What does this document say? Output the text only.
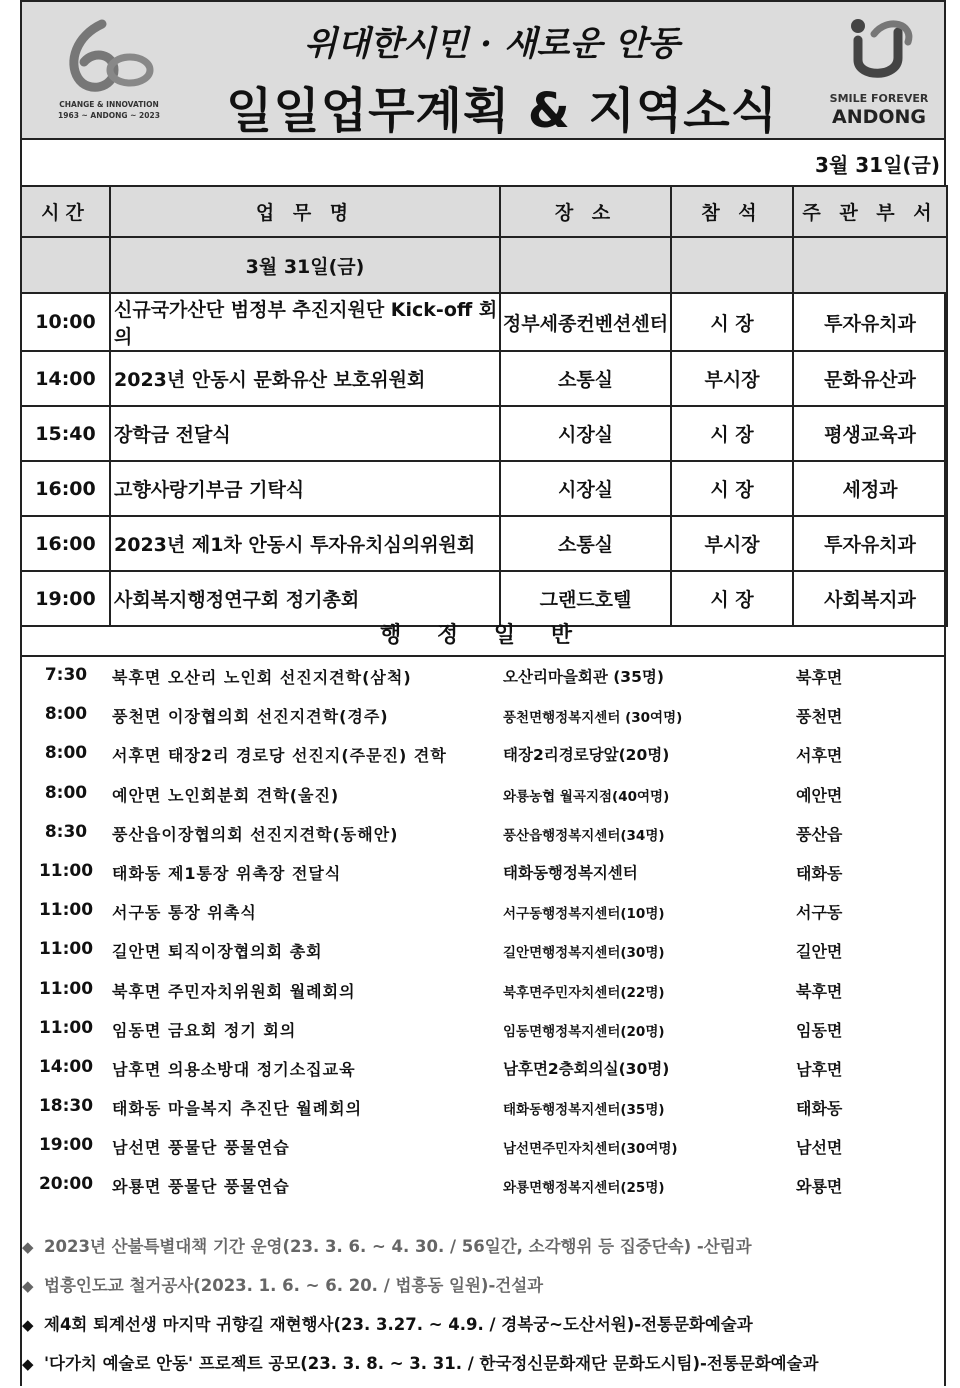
CHANGE & INNOVATION
1963 ~ ANDONG ~ 2023
위대한시민 · 새로운 안동
일일업무계획 & 지역소식	SMILE FOREVER
ANDONG
3월 31일(금)
시간	업 무 명	장 소	참 석	주 관 부 서
	3월 31일(금)			
10:00	신규국가산단 범정부 추진지원단 Kick-off 회의	정부세종컨벤션센터	시 장	투자유치과
14:00	2023년 안동시 문화유산 보호위원회	소통실	부시장	문화유산과
15:40	장학금 전달식	시장실	시 장	평생교육과
16:00	고향사랑기부금 기탁식	시장실	시 장	세정과
16:00	2023년 제1차 안동시 투자유치심의위원회	소통실	부시장	투자유치과
19:00	사회복지행정연구회 정기총회	그랜드호텔	시 장	사회복지과
행 정 일 반
7:30	북후면 오산리 노인회 선진지견학(삼척)	오산리마을회관 (35명)	북후면
8:00	풍천면 이장협의회 선진지견학(경주)	풍천면행정복지센터 (30여명)	풍천면
8:00	서후면 태장2리 경로당 선진지(주문진) 견학	태장2리경로당앞(20명)	서후면
8:00	예안면 노인회분회 견학(울진)	와룡농협 월곡지점(40여명)	예안면
8:30	풍산읍이장협의회 선진지견학(동해안)	풍산읍행정복지센터(34명)	풍산읍
11:00	태화동 제1통장 위촉장 전달식	태화동행정복지센터	태화동
11:00	서구동 통장 위촉식	서구동행정복지센터(10명)	서구동
11:00	길안면 퇴직이장협의회 총회	길안면행정복지센터(30명)	길안면
11:00	북후면 주민자치위원회 월례회의	북후면주민자치센터(22명)	북후면
11:00	임동면 금요회 정기 회의	임동면행정복지센터(20명)	임동면
14:00	남후면 의용소방대 정기소집교육	남후면2층회의실(30명)	남후면
18:30	태화동 마을복지 추진단 월례회의	태화동행정복지센터(35명)	태화동
19:00	남선면 풍물단 풍물연습	남선면주민자치센터(30여명)	남선면
20:00	와룡면 풍물단 풍물연습	와룡면행정복지센터(25명)	와룡면
◆ 2023년 산불특별대책 기간 운영(23. 3. 6. ~ 4. 30. / 56일간, 소각행위 등 집중단속) -산림과
◆ 법흥인도교 철거공사(2023. 1. 6. ~ 6. 20. / 법흥동 일원)-건설과
◆ 제4회 퇴계선생 마지막 귀향길 재현행사(23. 3.27. ~ 4.9. / 경복궁~도산서원)-전통문화예술과
◆ '다가치 예술로 안동' 프로젝트 공모(23. 3. 8. ~ 3. 31. / 한국정신문화재단 문화도시팀)-전통문화예술과
